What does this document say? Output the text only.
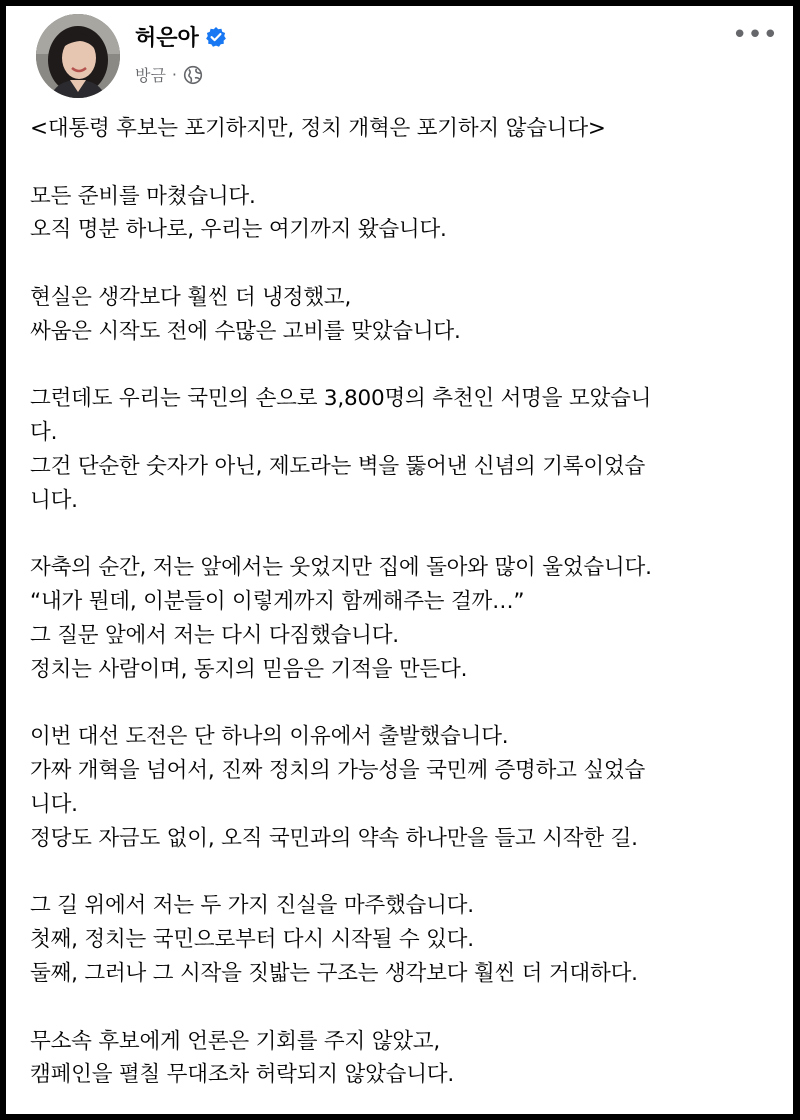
허은아
방금 ·
•••
<대통령 후보는 포기하지만, 정치 개혁은 포기하지 않습니다>
모든 준비를 마쳤습니다.
오직 명분 하나로, 우리는 여기까지 왔습니다.
현실은 생각보다 훨씬 더 냉정했고,
싸움은 시작도 전에 수많은 고비를 맞았습니다.
그런데도 우리는 국민의 손으로 3,800명의 추천인 서명을 모았습니
다.
그건 단순한 숫자가 아닌, 제도라는 벽을 뚫어낸 신념의 기록이었습
니다.
자축의 순간, 저는 앞에서는 웃었지만 집에 돌아와 많이 울었습니다.
“내가 뭔데, 이분들이 이렇게까지 함께해주는 걸까…”
그 질문 앞에서 저는 다시 다짐했습니다.
정치는 사람이며, 동지의 믿음은 기적을 만든다.
이번 대선 도전은 단 하나의 이유에서 출발했습니다.
가짜 개혁을 넘어서, 진짜 정치의 가능성을 국민께 증명하고 싶었습
니다.
정당도 자금도 없이, 오직 국민과의 약속 하나만을 들고 시작한 길.
그 길 위에서 저는 두 가지 진실을 마주했습니다.
첫째, 정치는 국민으로부터 다시 시작될 수 있다.
둘째, 그러나 그 시작을 짓밟는 구조는 생각보다 훨씬 더 거대하다.
무소속 후보에게 언론은 기회를 주지 않았고,
캠페인을 펼칠 무대조차 허락되지 않았습니다.
